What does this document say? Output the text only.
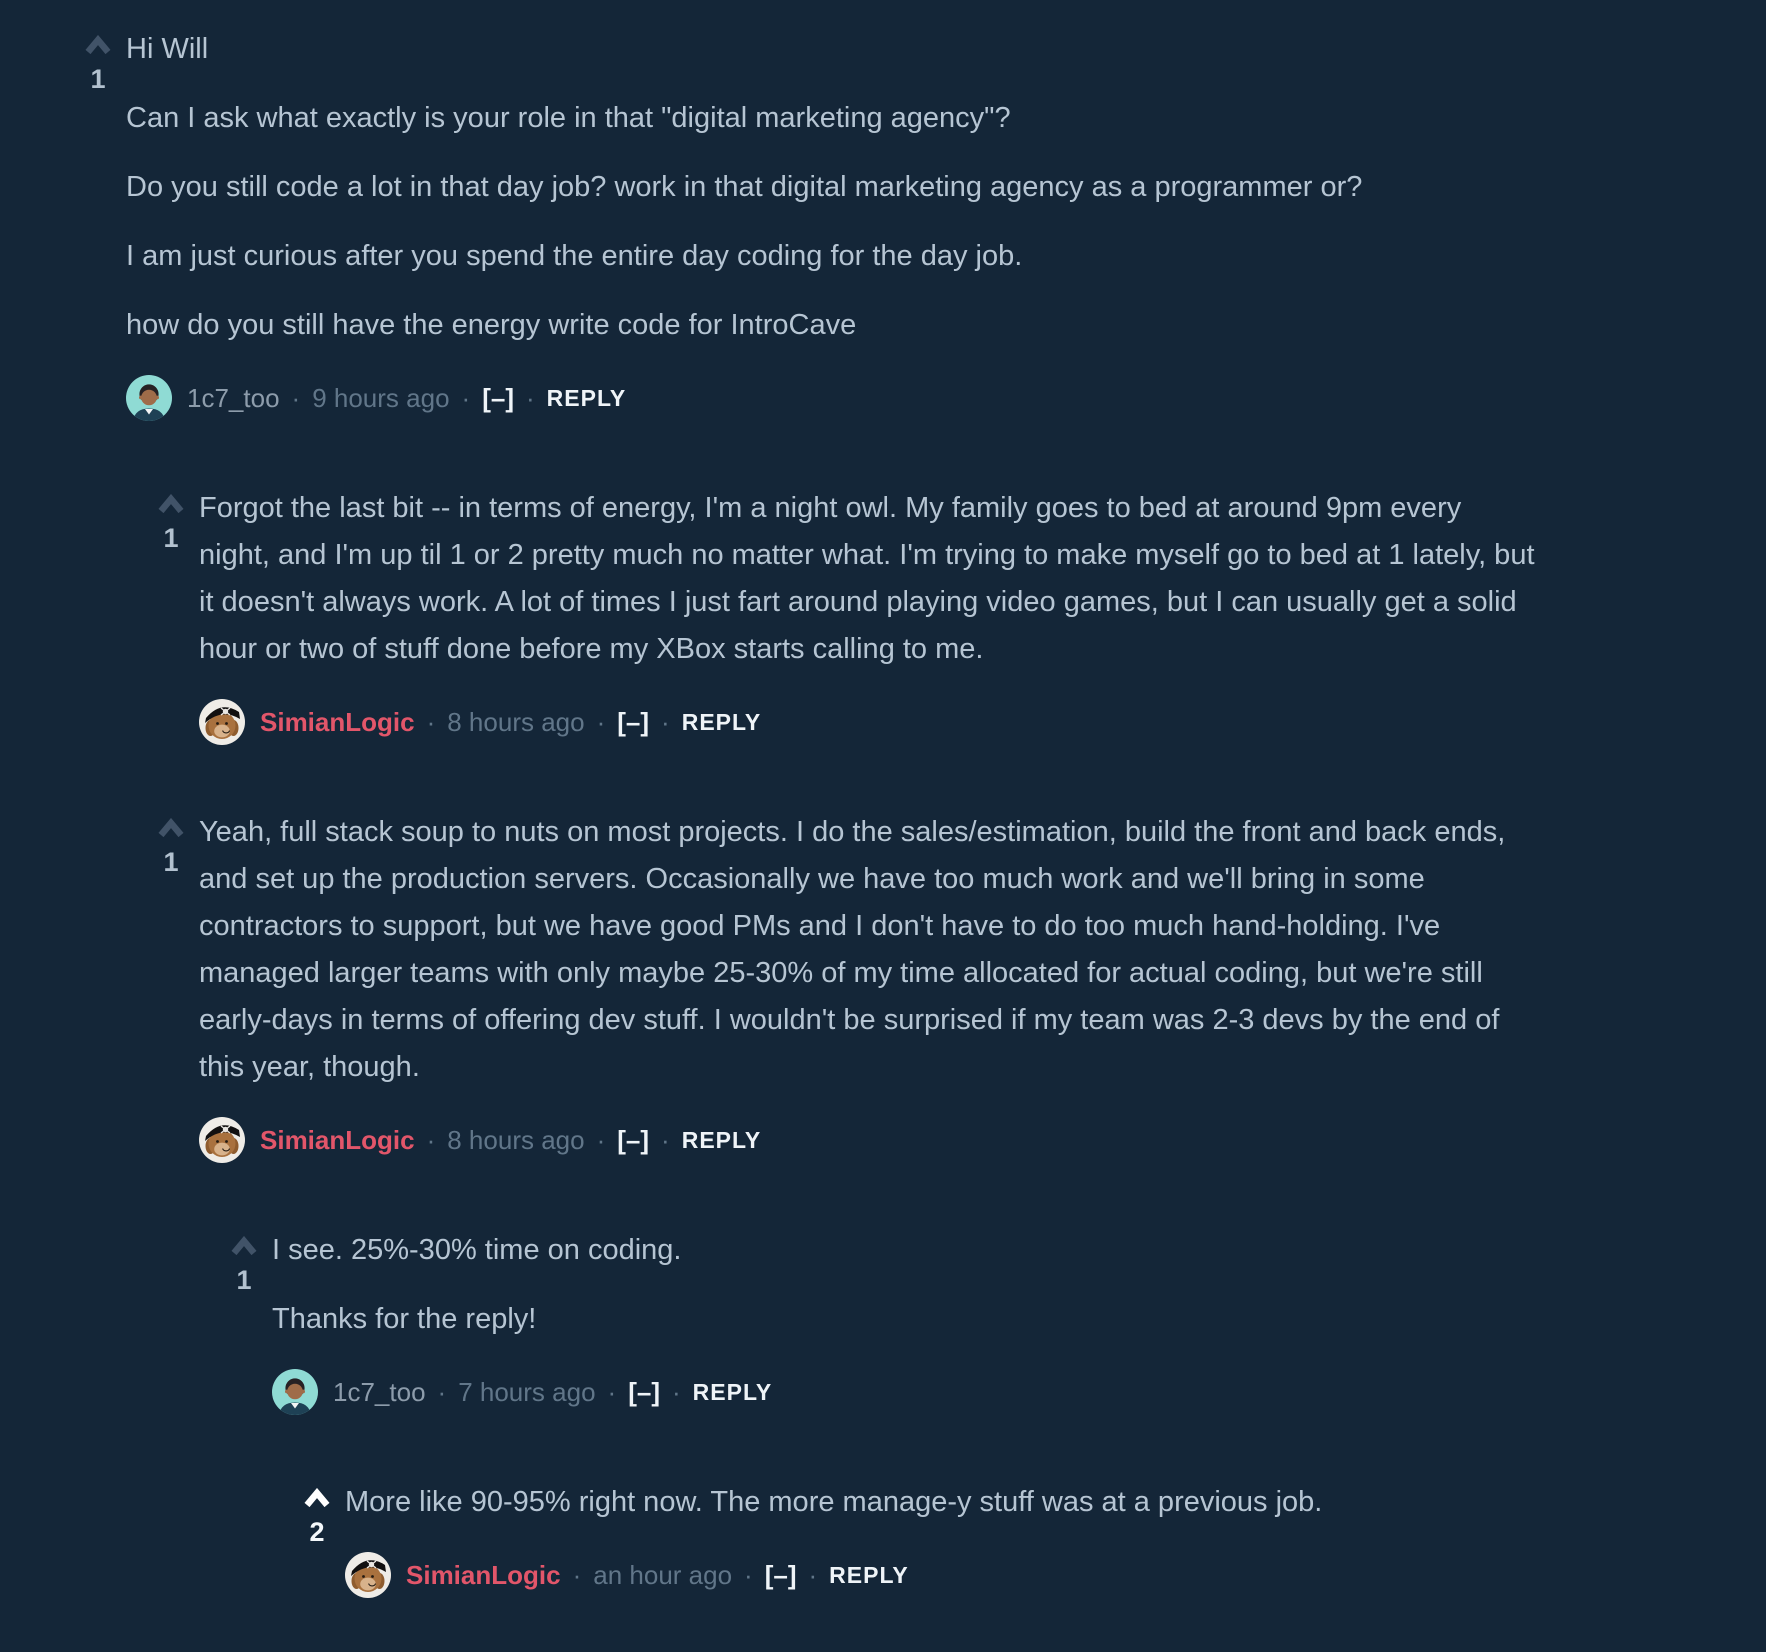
1

Hi Will

Can I ask what exactly is your role in that "digital marketing agency"?

Do you still code a lot in that day job? work in that digital marketing agency as a programmer or?

I am just curious after you spend the entire day coding for the day job.

how do you still have the energy write code for IntroCave

1c7_too · 9 hours ago · [–] · REPLY
1

Forgot the last bit -- in terms of energy, I'm a night owl. My family goes to bed at around 9pm every night, and I'm up til 1 or 2 pretty much no matter what. I'm trying to make myself go to bed at 1 lately, but it doesn't always work. A lot of times I just fart around playing video games, but I can usually get a solid hour or two of stuff done before my XBox starts calling to me.

SimianLogic · 8 hours ago · [–] · REPLY
1

Yeah, full stack soup to nuts on most projects. I do the sales/estimation, build the front and back ends, and set up the production servers. Occasionally we have too much work and we'll bring in some contractors to support, but we have good PMs and I don't have to do too much hand-holding. I've managed larger teams with only maybe 25-30% of my time allocated for actual coding, but we're still early-days in terms of offering dev stuff. I wouldn't be surprised if my team was 2-3 devs by the end of this year, though.

SimianLogic · 8 hours ago · [–] · REPLY
1

I see. 25%-30% time on coding.

Thanks for the reply!

1c7_too · 7 hours ago · [–] · REPLY
2

More like 90-95% right now. The more manage-y stuff was at a previous job.

SimianLogic · an hour ago · [–] · REPLY
